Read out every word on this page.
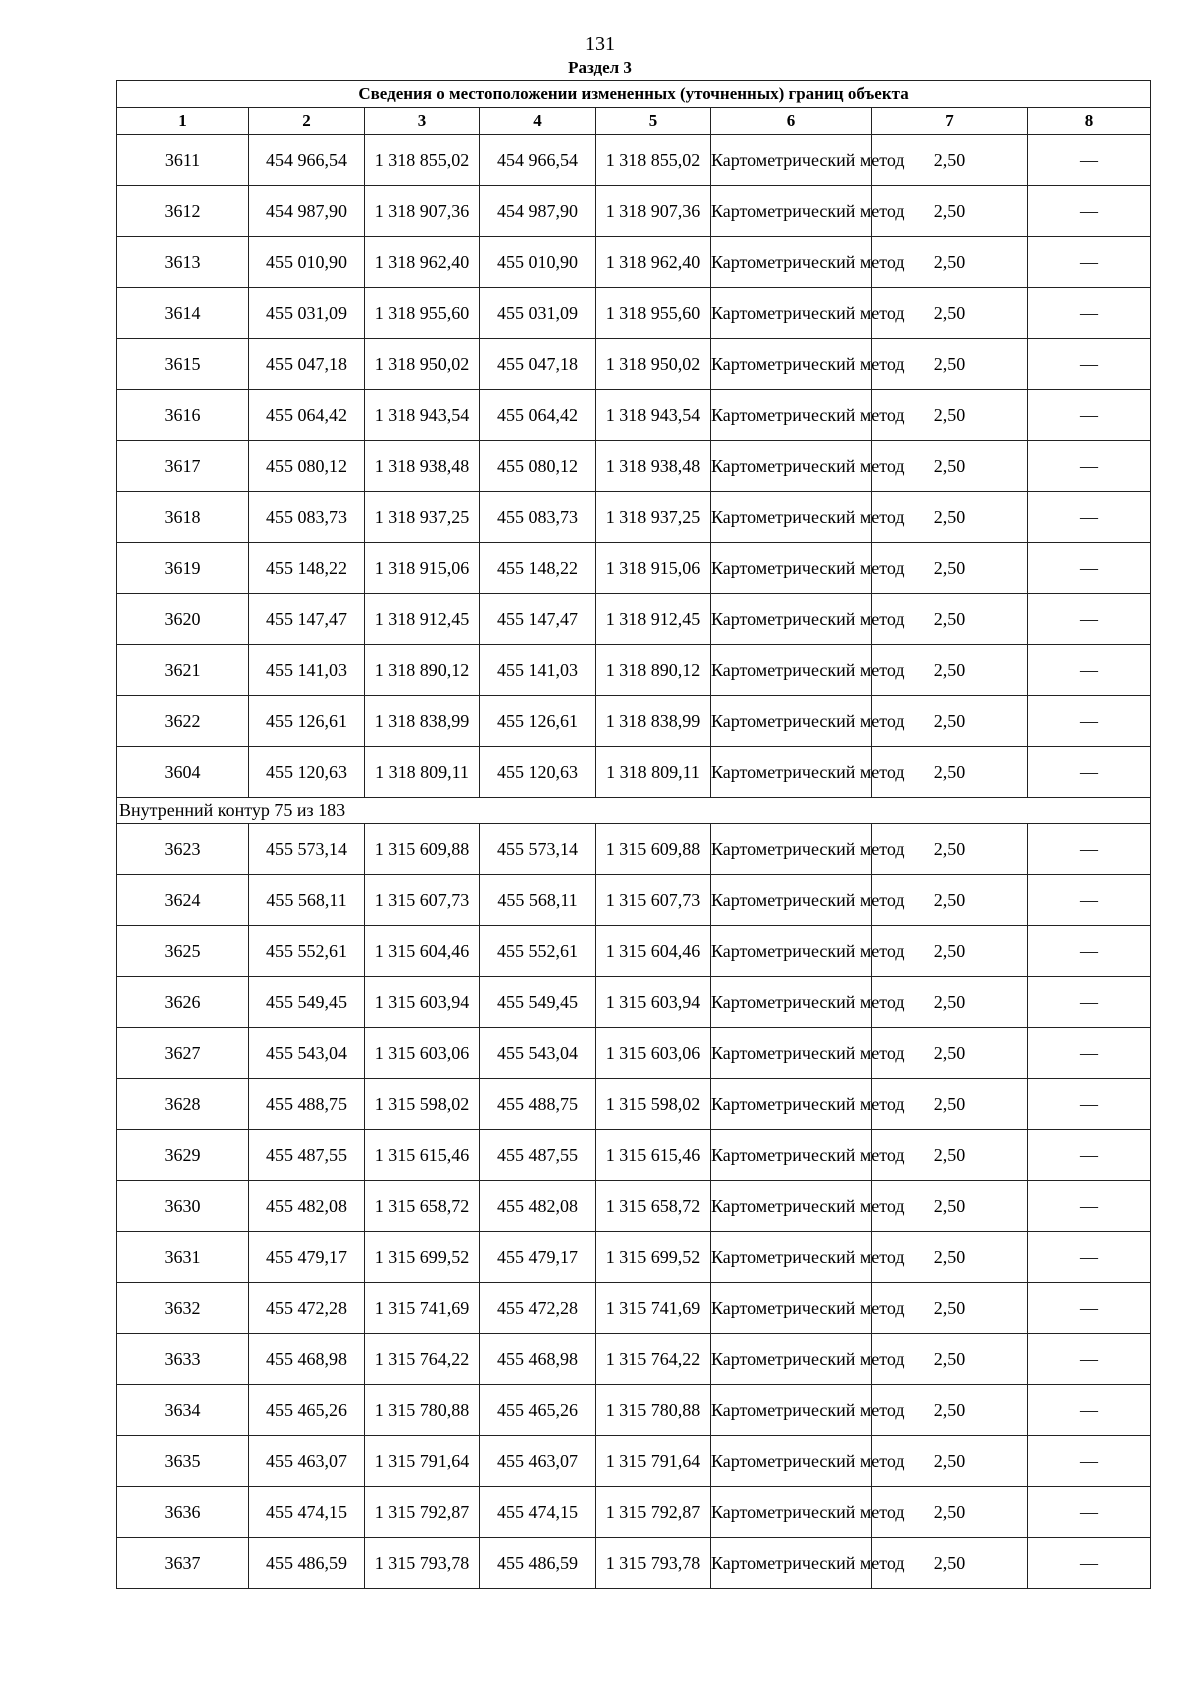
131
Раздел 3
Сведения о местоположении измененных (уточненных) границ объекта							
1	2	3	4	5	6	7	8
3611	454 966,54	1 318 855,02	454 966,54	1 318 855,02	Картометрический метод	2,50	—
3612	454 987,90	1 318 907,36	454 987,90	1 318 907,36	Картометрический метод	2,50	—
3613	455 010,90	1 318 962,40	455 010,90	1 318 962,40	Картометрический метод	2,50	—
3614	455 031,09	1 318 955,60	455 031,09	1 318 955,60	Картометрический метод	2,50	—
3615	455 047,18	1 318 950,02	455 047,18	1 318 950,02	Картометрический метод	2,50	—
3616	455 064,42	1 318 943,54	455 064,42	1 318 943,54	Картометрический метод	2,50	—
3617	455 080,12	1 318 938,48	455 080,12	1 318 938,48	Картометрический метод	2,50	—
3618	455 083,73	1 318 937,25	455 083,73	1 318 937,25	Картометрический метод	2,50	—
3619	455 148,22	1 318 915,06	455 148,22	1 318 915,06	Картометрический метод	2,50	—
3620	455 147,47	1 318 912,45	455 147,47	1 318 912,45	Картометрический метод	2,50	—
3621	455 141,03	1 318 890,12	455 141,03	1 318 890,12	Картометрический метод	2,50	—
3622	455 126,61	1 318 838,99	455 126,61	1 318 838,99	Картометрический метод	2,50	—
3604	455 120,63	1 318 809,11	455 120,63	1 318 809,11	Картометрический метод	2,50	—
Внутренний контур 75 из 183							
3623	455 573,14	1 315 609,88	455 573,14	1 315 609,88	Картометрический метод	2,50	—
3624	455 568,11	1 315 607,73	455 568,11	1 315 607,73	Картометрический метод	2,50	—
3625	455 552,61	1 315 604,46	455 552,61	1 315 604,46	Картометрический метод	2,50	—
3626	455 549,45	1 315 603,94	455 549,45	1 315 603,94	Картометрический метод	2,50	—
3627	455 543,04	1 315 603,06	455 543,04	1 315 603,06	Картометрический метод	2,50	—
3628	455 488,75	1 315 598,02	455 488,75	1 315 598,02	Картометрический метод	2,50	—
3629	455 487,55	1 315 615,46	455 487,55	1 315 615,46	Картометрический метод	2,50	—
3630	455 482,08	1 315 658,72	455 482,08	1 315 658,72	Картометрический метод	2,50	—
3631	455 479,17	1 315 699,52	455 479,17	1 315 699,52	Картометрический метод	2,50	—
3632	455 472,28	1 315 741,69	455 472,28	1 315 741,69	Картометрический метод	2,50	—
3633	455 468,98	1 315 764,22	455 468,98	1 315 764,22	Картометрический метод	2,50	—
3634	455 465,26	1 315 780,88	455 465,26	1 315 780,88	Картометрический метод	2,50	—
3635	455 463,07	1 315 791,64	455 463,07	1 315 791,64	Картометрический метод	2,50	—
3636	455 474,15	1 315 792,87	455 474,15	1 315 792,87	Картометрический метод	2,50	—
3637	455 486,59	1 315 793,78	455 486,59	1 315 793,78	Картометрический метод	2,50	—
